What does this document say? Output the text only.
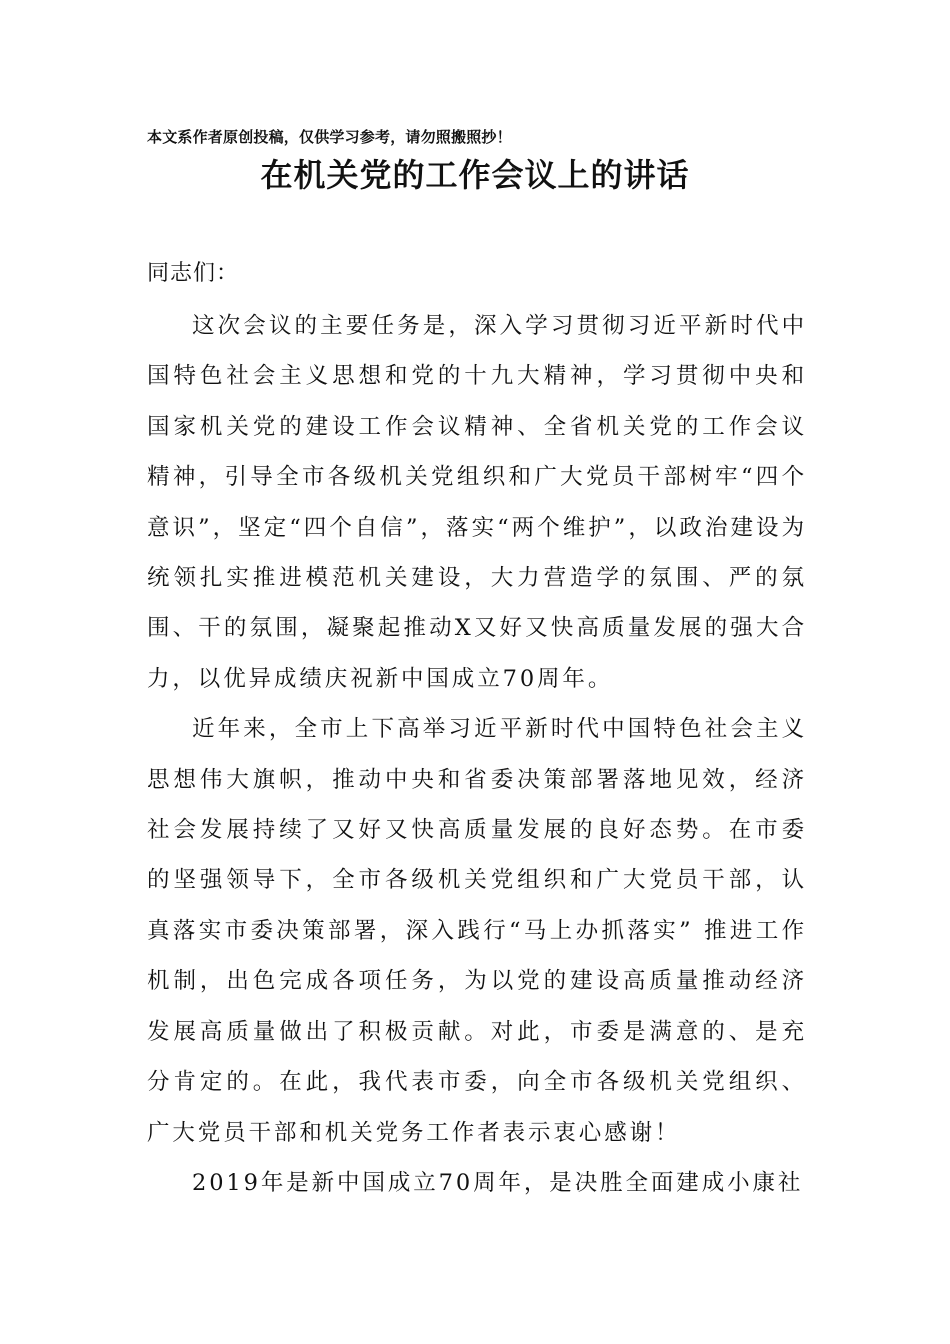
本文系作者原创投稿，仅供学习参考，请勿照搬照抄！
在机关党的工作会议上的讲话
同志们：

这次会议的主要任务是，深入学习贯彻习近平新时代中国特色社会主义思想和党的十九大精神，学习贯彻中央和国家机关党的建设工作会议精神、全省机关党的工作会议精神，引导全市各级机关党组织和广大党员干部树牢“四个意识”，坚定“四个自信”，落实“两个维护”，以政治建设为统领扎实推进模范机关建设，大力营造学的氛围、严的氛围、干的氛围，凝聚起推动X又好又快高质量发展的强大合力，以优异成绩庆祝新中国成立70周年。

近年来，全市上下高举习近平新时代中国特色社会主义思想伟大旗帜，推动中央和省委决策部署落地见效，经济社会发展持续了又好又快高质量发展的良好态势。在市委的坚强领导下，全市各级机关党组织和广大党员干部，认真落实市委决策部署，深入践行“马上办抓落实” 推进工作机制，出色完成各项任务，为以党的建设高质量推动经济发展高质量做出了积极贡献。对此，市委是满意的、是充分肯定的。在此，我代表市委，向全市各级机关党组织、广大党员干部和机关党务工作者表示衷心感谢！

2019年是新中国成立70周年，是决胜全面建成小康社
